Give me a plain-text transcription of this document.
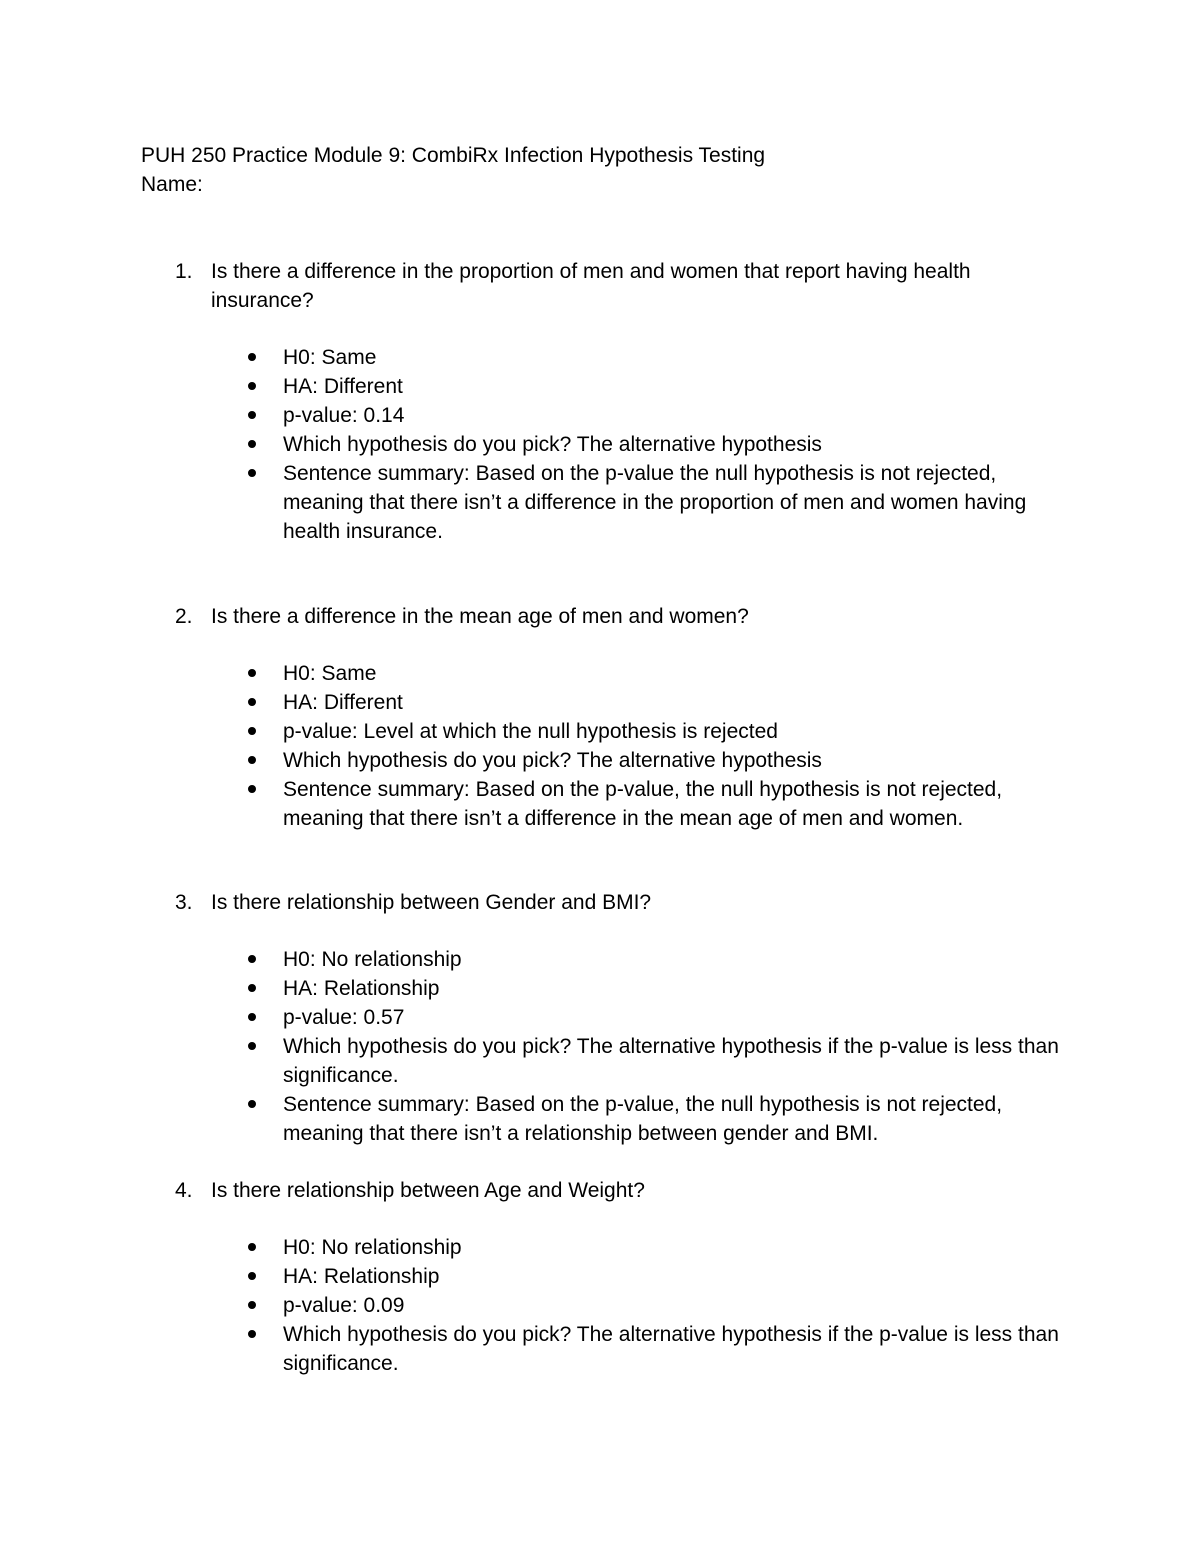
PUH 250 Practice Module 9: CombiRx Infection Hypothesis Testing
Name:
1. Is there a difference in the proportion of men and women that report having health insurance?
H0: Same
HA: Different
p-value: 0.14
Which hypothesis do you pick? The alternative hypothesis
Sentence summary: Based on the p-value the null hypothesis is not rejected, meaning that there isn’t a difference in the proportion of men and women having health insurance.
2. Is there a difference in the mean age of men and women?
H0: Same
HA: Different
p-value: Level at which the null hypothesis is rejected
Which hypothesis do you pick? The alternative hypothesis
Sentence summary: Based on the p-value, the null hypothesis is not rejected, meaning that there isn’t a difference in the mean age of men and women.
3. Is there relationship between Gender and BMI?
H0: No relationship
HA: Relationship
p-value: 0.57
Which hypothesis do you pick? The alternative hypothesis if the p-value is less than significance.
Sentence summary: Based on the p-value, the null hypothesis is not rejected, meaning that there isn’t a relationship between gender and BMI.
4. Is there relationship between Age and Weight?
H0: No relationship
HA: Relationship
p-value: 0.09
Which hypothesis do you pick? The alternative hypothesis if the p-value is less than significance.
